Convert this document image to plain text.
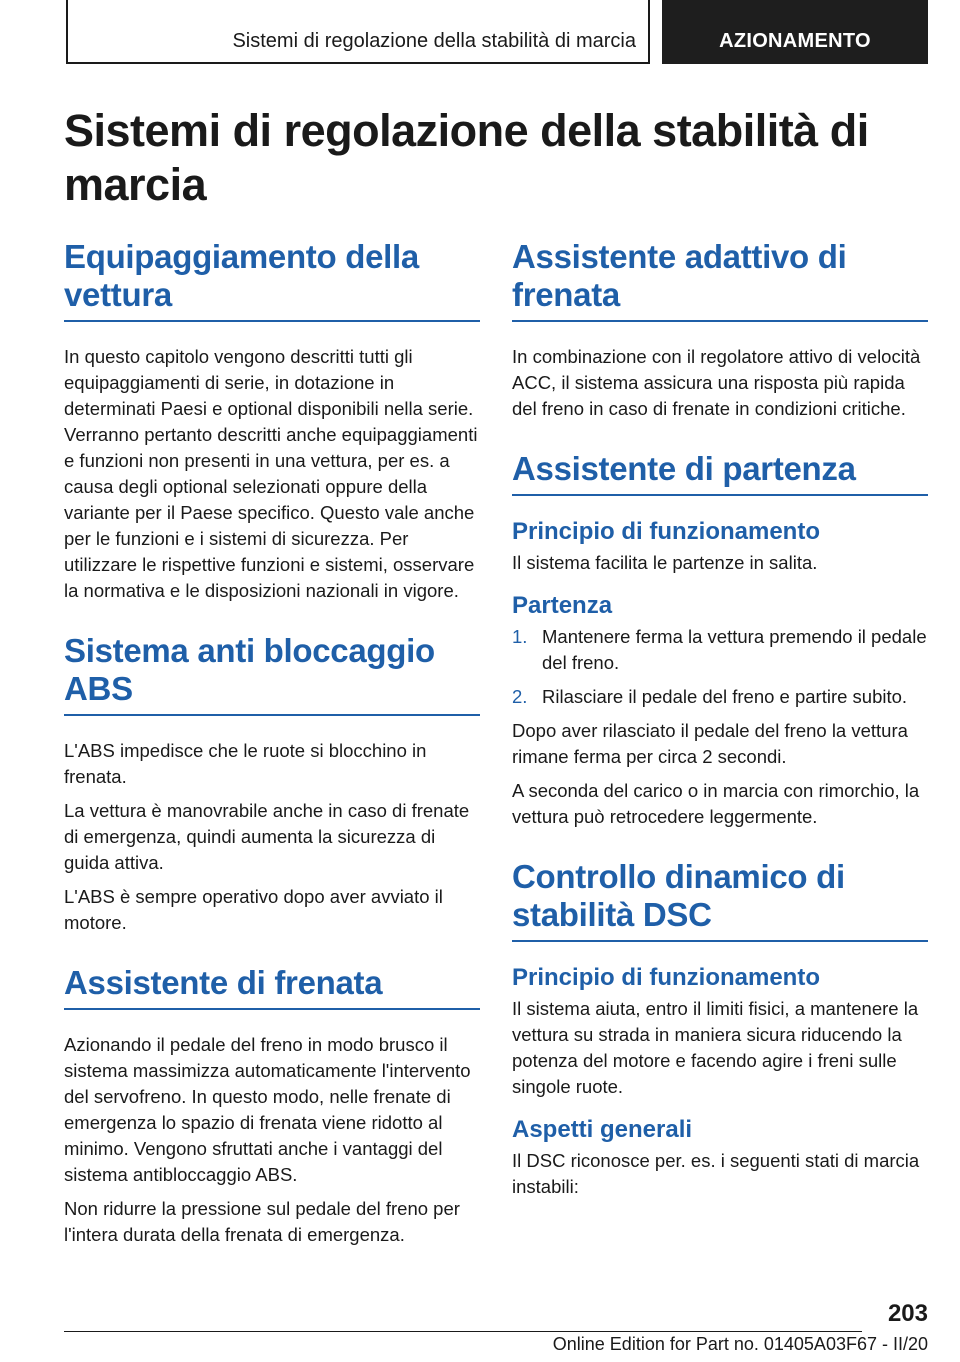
Sistemi di regolazione della stabilità di marcia	AZIONAMENTO
Sistemi di regolazione della stabilità di marcia
Equipaggiamento della vettura

In questo capitolo vengono descritti tutti gli equipaggiamenti di serie, in dotazione in determinati Paesi e optional disponibili nella serie. Verranno pertanto descritti anche equipaggiamenti e funzioni non presenti in una vettura, per es. a causa degli optional selezionati oppure della variante per il Paese specifico. Questo vale anche per le funzioni e i sistemi di sicurezza. Per utilizzare le rispettive funzioni e sistemi, osservare la normativa e le disposizioni nazionali in vigore.

Sistema anti bloccaggio ABS

L'ABS impedisce che le ruote si blocchino in frenata.

La vettura è manovrabile anche in caso di frenate di emergenza, quindi aumenta la sicurezza di guida attiva.

L'ABS è sempre operativo dopo aver avviato il motore.

Assistente di frenata

Azionando il pedale del freno in modo brusco il sistema massimizza automaticamente l'intervento del servofreno. In questo modo, nelle frenate di emergenza lo spazio di frenata viene ridotto al minimo. Vengono sfruttati anche i vantaggi del sistema antibloccaggio ABS.

Non ridurre la pressione sul pedale del freno per l'intera durata della frenata di emergenza.

Assistente adattivo di frenata

In combinazione con il regolatore attivo di velocità ACC, il sistema assicura una risposta più rapida del freno in caso di frenate in condizioni critiche.

Assistente di partenza
Principio di funzionamento

Il sistema facilita le partenze in salita.

Partenza
1. Mantenere ferma la vettura premendo il pedale del freno.
2. Rilasciare il pedale del freno e partire subito.

Dopo aver rilasciato il pedale del freno la vettura rimane ferma per circa 2 secondi.

A seconda del carico o in marcia con rimorchio, la vettura può retrocedere leggermente.

Controllo dinamico di stabilità DSC
Principio di funzionamento

Il sistema aiuta, entro il limiti fisici, a mantenere la vettura su strada in maniera sicura riducendo la potenza del motore e facendo agire i freni sulle singole ruote.

Aspetti generali

Il DSC riconosce per. es. i seguenti stati di marcia instabili:

203
Online Edition for Part no. 01405A03F67 - II/20
